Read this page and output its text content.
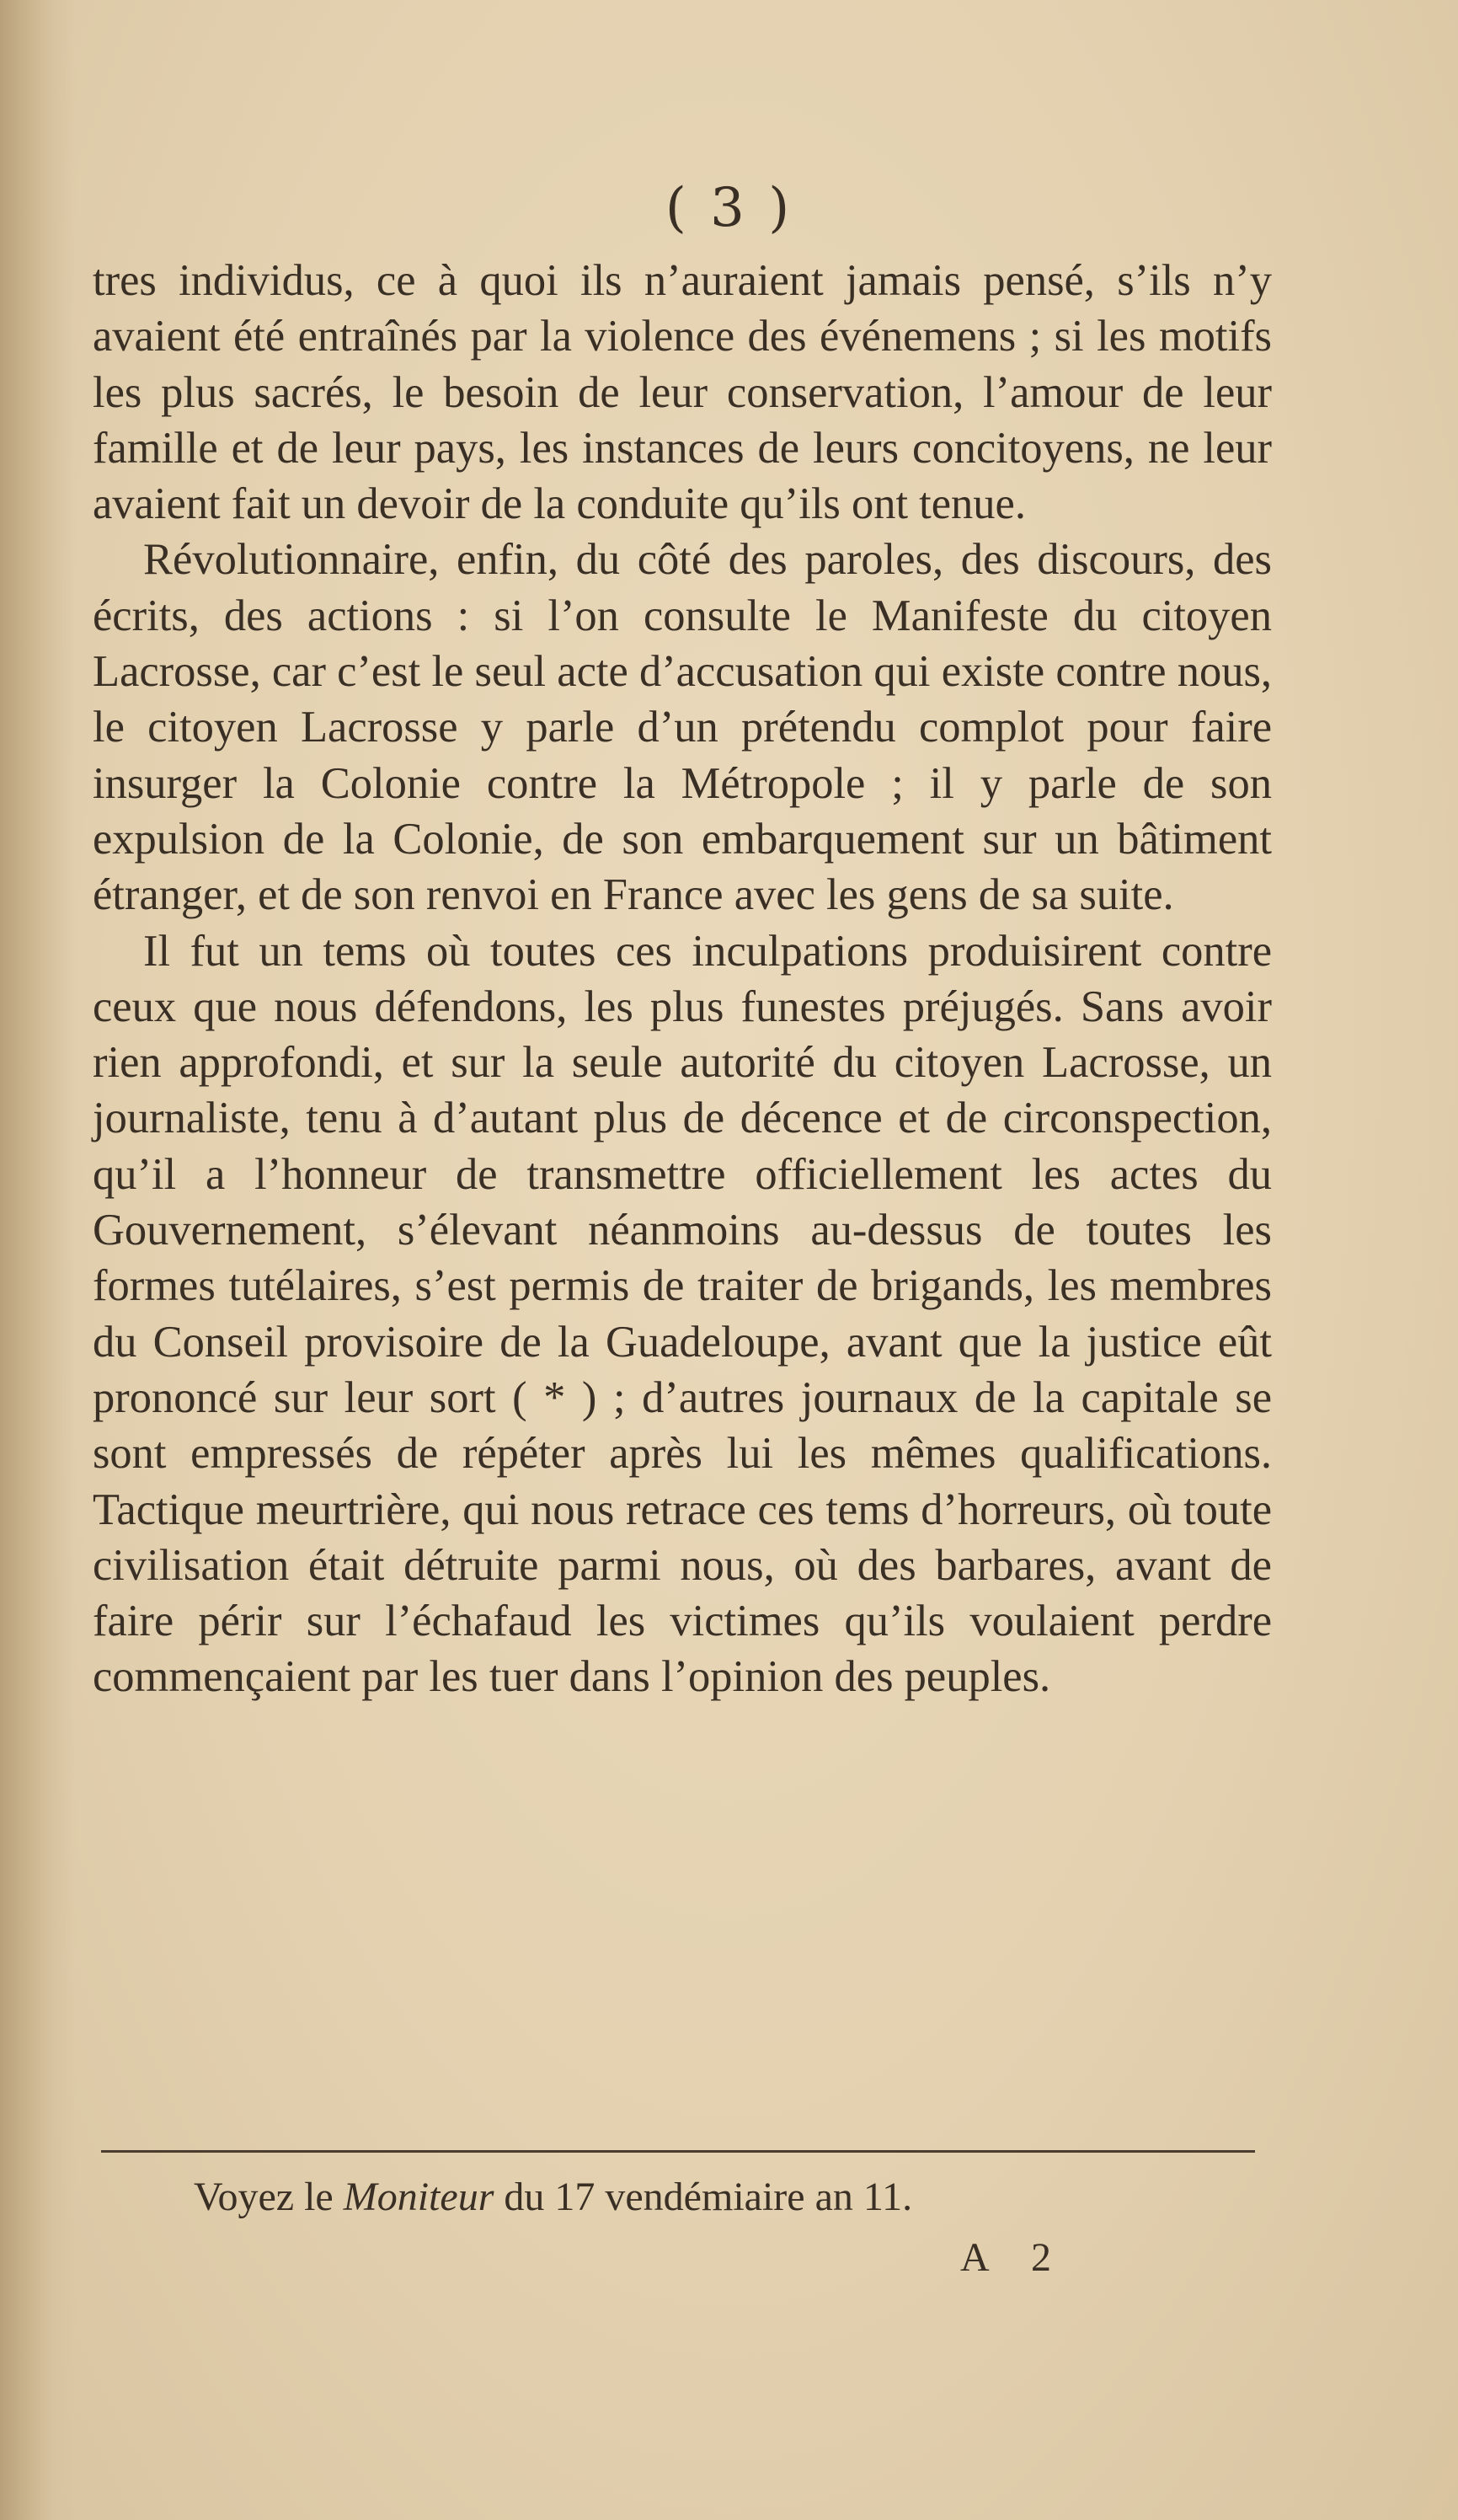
( 3 )

tres individus, ce à quoi ils n’auraient jamais pensé, s’ils n’y avaient été entraînés par la violence des événemens ; si les motifs les plus sacrés, le besoin de leur conservation, l’amour de leur famille et de leur pays, les instances de leurs concitoyens, ne leur avaient fait un devoir de la conduite qu’ils ont tenue.

Révolutionnaire, enfin, du côté des paroles, des discours, des écrits, des actions : si l’on consulte le Manifeste du citoyen Lacrosse, car c’est le seul acte d’accusation qui existe contre nous, le citoyen Lacrosse y parle d’un prétendu complot pour faire insurger la Colonie contre la Métropole ; il y parle de son expulsion de la Colonie, de son embarquement sur un bâtiment étranger, et de son renvoi en France avec les gens de sa suite.

Il fut un tems où toutes ces inculpations produisirent contre ceux que nous défendons, les plus funestes préjugés. Sans avoir rien approfondi, et sur la seule autorité du citoyen Lacrosse, un journaliste, tenu à d’autant plus de décence et de circonspection, qu’il a l’honneur de transmettre officiellement les actes du Gouvernement, s’élevant néanmoins au-dessus de toutes les formes tutélaires, s’est permis de traiter de brigands, les membres du Conseil provisoire de la Guadeloupe, avant que la justice eût prononcé sur leur sort ( * ) ; d’autres journaux de la capitale se sont empressés de répéter après lui les mêmes qualifications. Tactique meurtrière, qui nous retrace ces tems d’horreurs, où toute civilisation était détruite parmi nous, où des barbares, avant de faire périr sur l’échafaud les victimes qu’ils voulaient perdre commençaient par les tuer dans l’opinion des peuples.

Voyez le Moniteur du 17 vendémiaire an 11.
A 2
